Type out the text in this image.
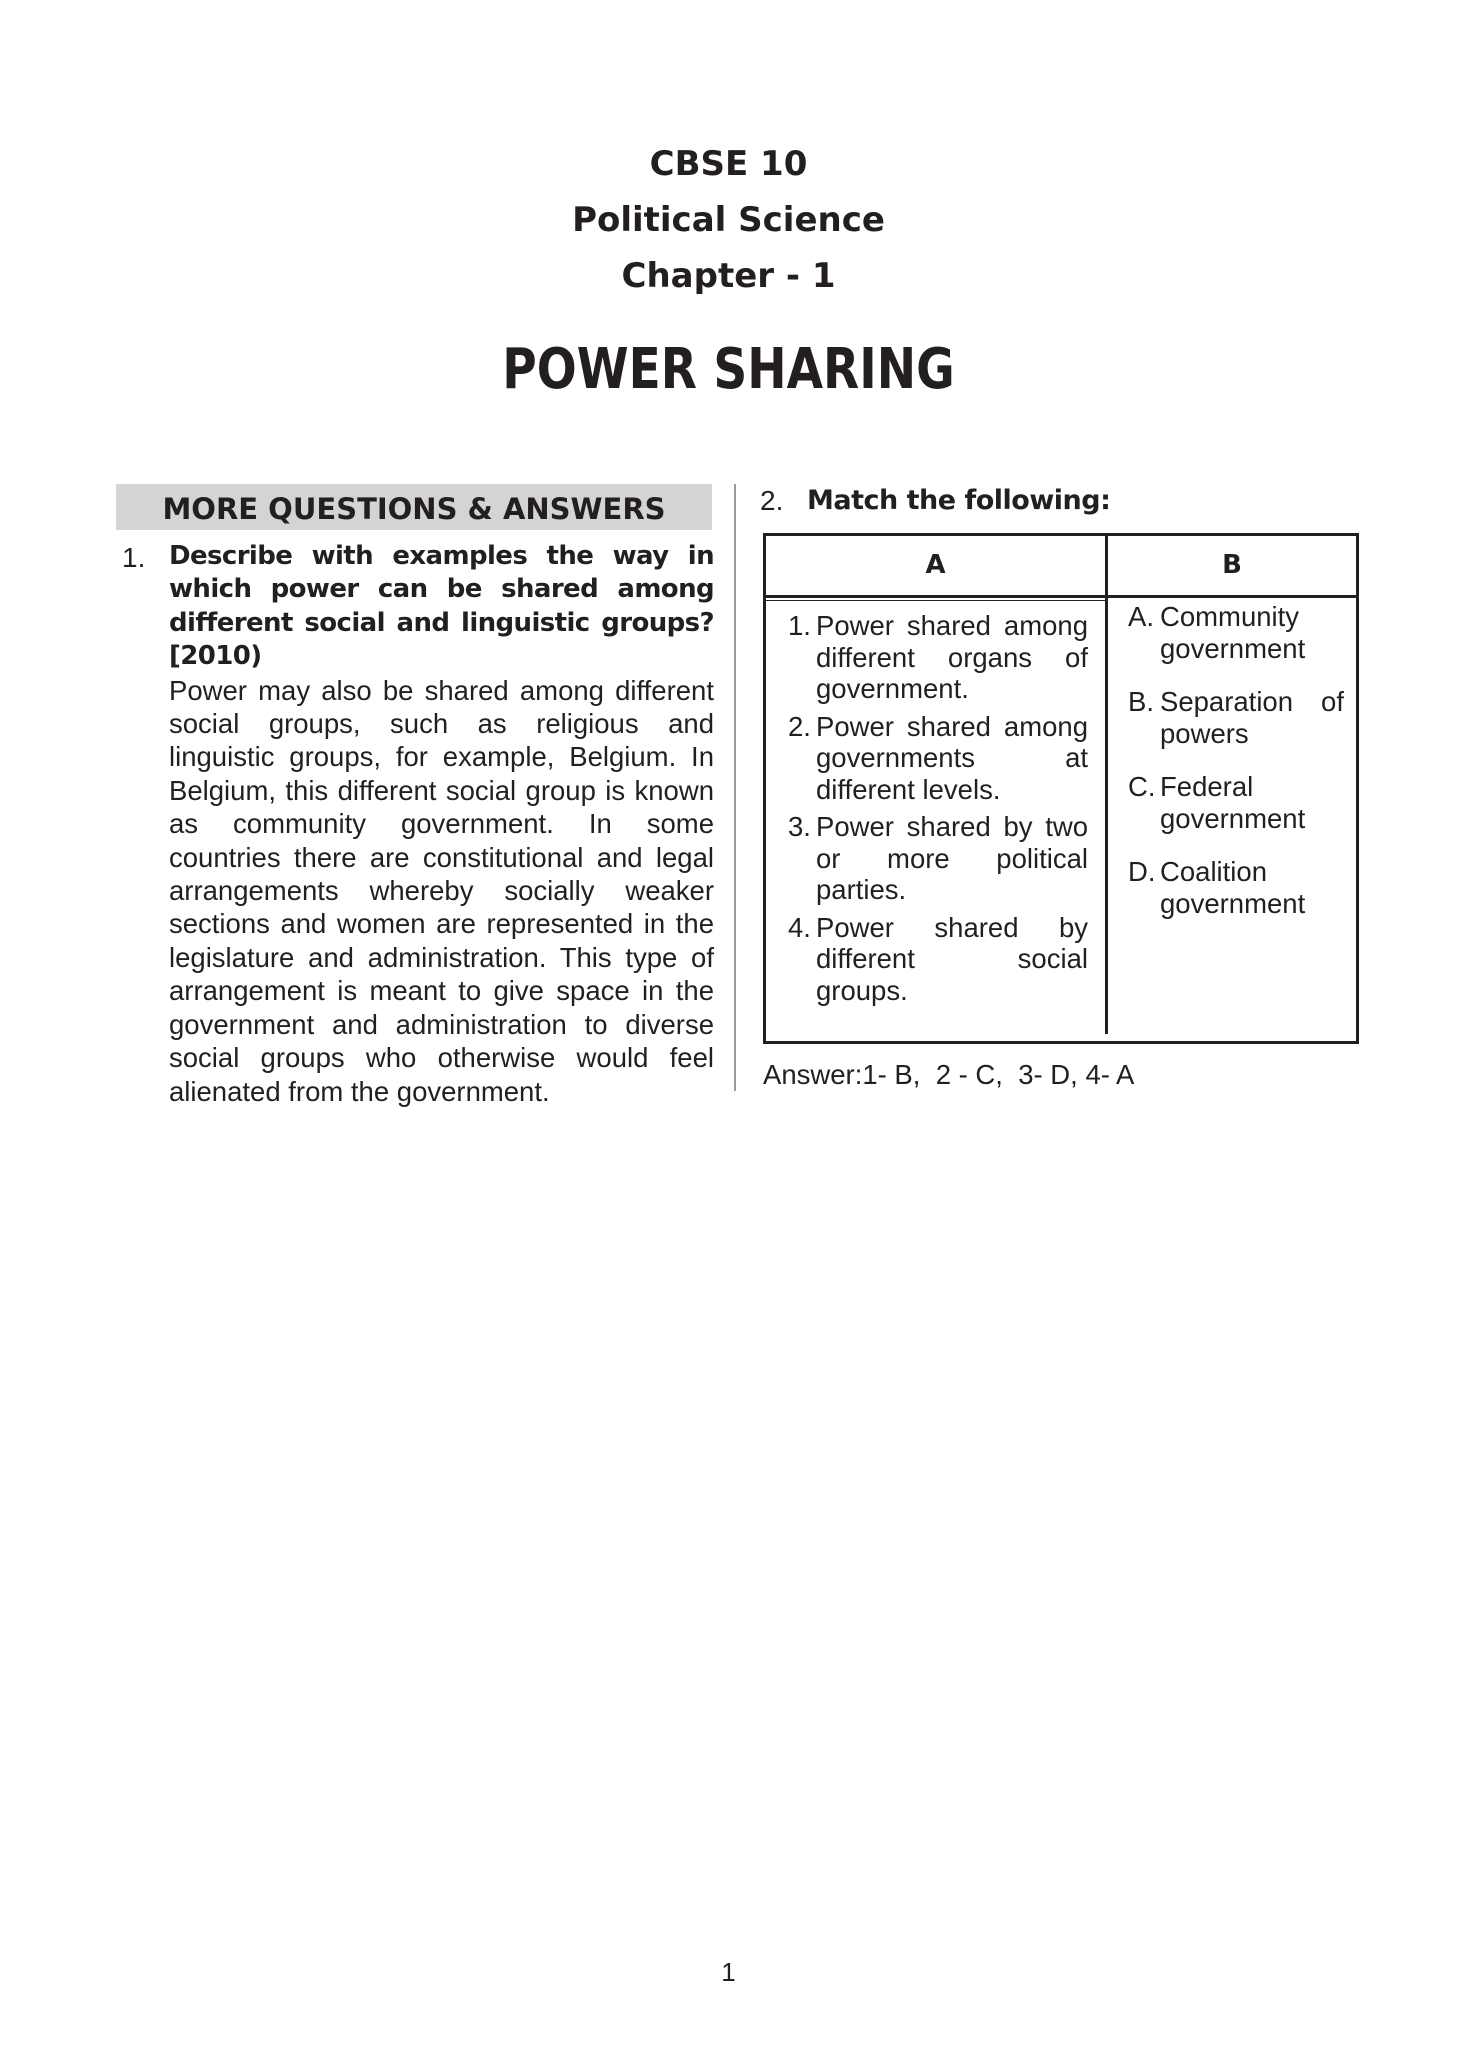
CBSE 10
Political Science
Chapter - 1
POWER SHARING
MORE QUESTIONS & ANSWERS
1. Describe with examples the way in which power can be shared among different social and linguistic groups? [2010)

Power may also be shared among different social groups, such as religious and linguistic groups, for example, Belgium. In Belgium, this different social group is known as community government. In some countries there are constitutional and legal arrangements whereby socially weaker sections and women are represented in the legislature and administration. This type of arrangement is meant to give space in the government and administration to diverse social groups who otherwise would feel alienated from the government.

2. Match the following:
A	B
1. Power shared among different organs of government.
2. Power shared among governments at different levels.
3. Power shared by two or more political parties.
4. Power shared by different social groups.
A. Community government
B. Separation of powers
C. Federal government
D. Coalition government
Answer:1- B,  2 - C,  3- D, 4- A
1
